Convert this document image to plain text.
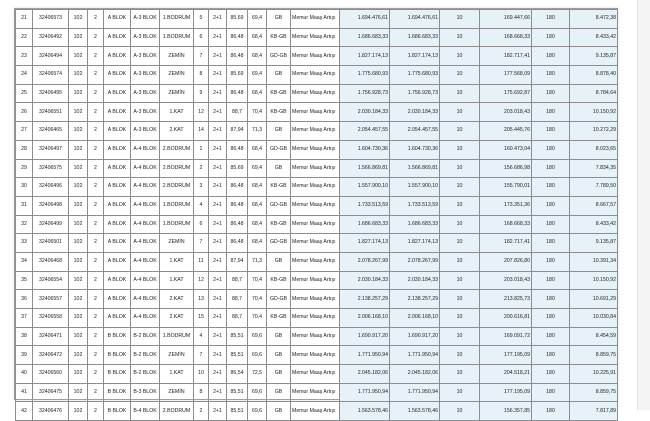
21	32406573	102	2	A BLOK	A-3 BLOK	1.BODRUM	5	2+1	85,69	69,4	GB	Memur Maaş Artışı	1.694.476,61	1.694.476,61	10	169.447,66	180	8.472,38
22	32406492	102	2	A BLOK	A-3 BLOK	1.BODRUM	6	2+1	86,48	68,4	KB-GB	Memur Maaş Artışı	1.686.683,33	1.686.683,33	10	168.668,33	180	8.433,42
23	32406494	102	2	A BLOK	A-3 BLOK	ZEMİN	7	2+1	86,48	68,4	GD-GB	Memur Maaş Artışı	1.827.174,13	1.827.174,13	10	182.717,41	180	9.135,87
24	32406574	102	2	A BLOK	A-3 BLOK	ZEMİN	8	2+1	85,69	69,4	GB	Memur Maaş Artışı	1.775.680,93	1.775.680,93	10	177.568,09	180	8.878,40
25	32406495	102	2	A BLOK	A-3 BLOK	ZEMİN	9	2+1	86,48	68,4	KB-GB	Memur Maaş Artışı	1.756.928,73	1.756.928,73	10	175.692,87	180	8.784,64
26	32406551	102	2	A BLOK	A-3 BLOK	1.KAT	12	2+1	88,7	70,4	KB-GB	Memur Maaş Artışı	2.030.184,33	2.030.184,33	10	203.018,43	180	10.150,92
27	32406465	102	2	A BLOK	A-3 BLOK	2.KAT	14	2+1	87,94	71,3	GB	Memur Maaş Artışı	2.054.457,55	2.054.457,55	10	205.445,76	180	10.272,29
28	32406497	102	2	A BLOK	A-4 BLOK	2.BODRUM	1	2+1	86,48	68,4	GD-GB	Memur Maaş Artışı	1.604.730,36	1.604.730,36	10	160.473,04	180	8.023,65
29	32406575	102	2	A BLOK	A-4 BLOK	2.BODRUM	2	2+1	85,69	69,4	GB	Memur Maaş Artışı	1.566.869,81	1.566.869,81	10	156.686,98	180	7.834,35
30	32406496	102	2	A BLOK	A-4 BLOK	2.BODRUM	3	2+1	86,48	68,4	KB-GB	Memur Maaş Artışı	1.557.900,10	1.557.900,10	10	155.790,01	180	7.789,50
31	32406498	102	2	A BLOK	A-4 BLOK	1.BODRUM	4	2+1	86,48	68,4	GD-GB	Memur Maaş Artışı	1.733.513,59	1.733.513,59	10	173.351,36	180	8.667,57
32	32406499	102	2	A BLOK	A-4 BLOK	1.BODRUM	6	2+1	86,48	68,4	KB-GB	Memur Maaş Artışı	1.686.683,33	1.686.683,33	10	168.668,33	180	8.433,42
33	32406501	102	2	A BLOK	A-4 BLOK	ZEMİN	7	2+1	86,48	68,4	GD-GB	Memur Maaş Artışı	1.827.174,13	1.827.174,13	10	182.717,41	180	9.135,87
34	32406468	102	2	A BLOK	A-4 BLOK	1.KAT	11	2+1	87,94	71,3	GB	Memur Maaş Artışı	2.078.267,99	2.078.267,99	10	207.826,80	180	10.391,34
35	32406554	102	2	A BLOK	A-4 BLOK	1.KAT	12	2+1	88,7	70,4	KB-GB	Memur Maaş Artışı	2.030.184,33	2.030.184,33	10	203.018,43	180	10.150,92
36	32406557	102	2	A BLOK	A-4 BLOK	2.KAT	13	2+1	88,7	70,4	GD-GB	Memur Maaş Artışı	2.138.257,29	2.138.257,29	10	213.825,73	180	10.691,29
37	32406558	102	2	A BLOK	A-4 BLOK	2.KAT	15	2+1	88,7	70,4	KB-GB	Memur Maaş Artışı	2.006.168,10	2.006.168,10	10	200.616,81	180	10.030,84
38	32406471	102	2	B BLOK	B-2 BLOK	1.BODRUM	4	2+1	85,51	69,6	GB	Memur Maaş Artışı	1.690.917,20	1.690.917,20	10	169.091,72	180	8.454,59
39	32406472	102	2	B BLOK	B-2 BLOK	ZEMİN	7	2+1	85,51	69,6	GB	Memur Maaş Artışı	1.771.950,94	1.771.950,94	10	177.195,09	180	8.859,75
40	32406560	102	2	B BLOK	B-2 BLOK	1.KAT	10	2+1	86,54	72,5	GB	Memur Maaş Artışı	2.045.182,06	2.045.182,06	10	204.518,21	180	10.225,91
41	32406475	102	2	B BLOK	B-3 BLOK	ZEMİN	8	2+1	85,51	69,6	GB	Memur Maaş Artışı	1.771.950,94	1.771.950,94	10	177.195,09	180	8.859,75
42	32406476	102	2	B BLOK	B-4 BLOK	2.BODRUM	2	2+1	85,51	69,6	GB	Memur Maaş Artışı	1.563.578,46	1.563.578,46	10	156.357,85	180	7.817,89
